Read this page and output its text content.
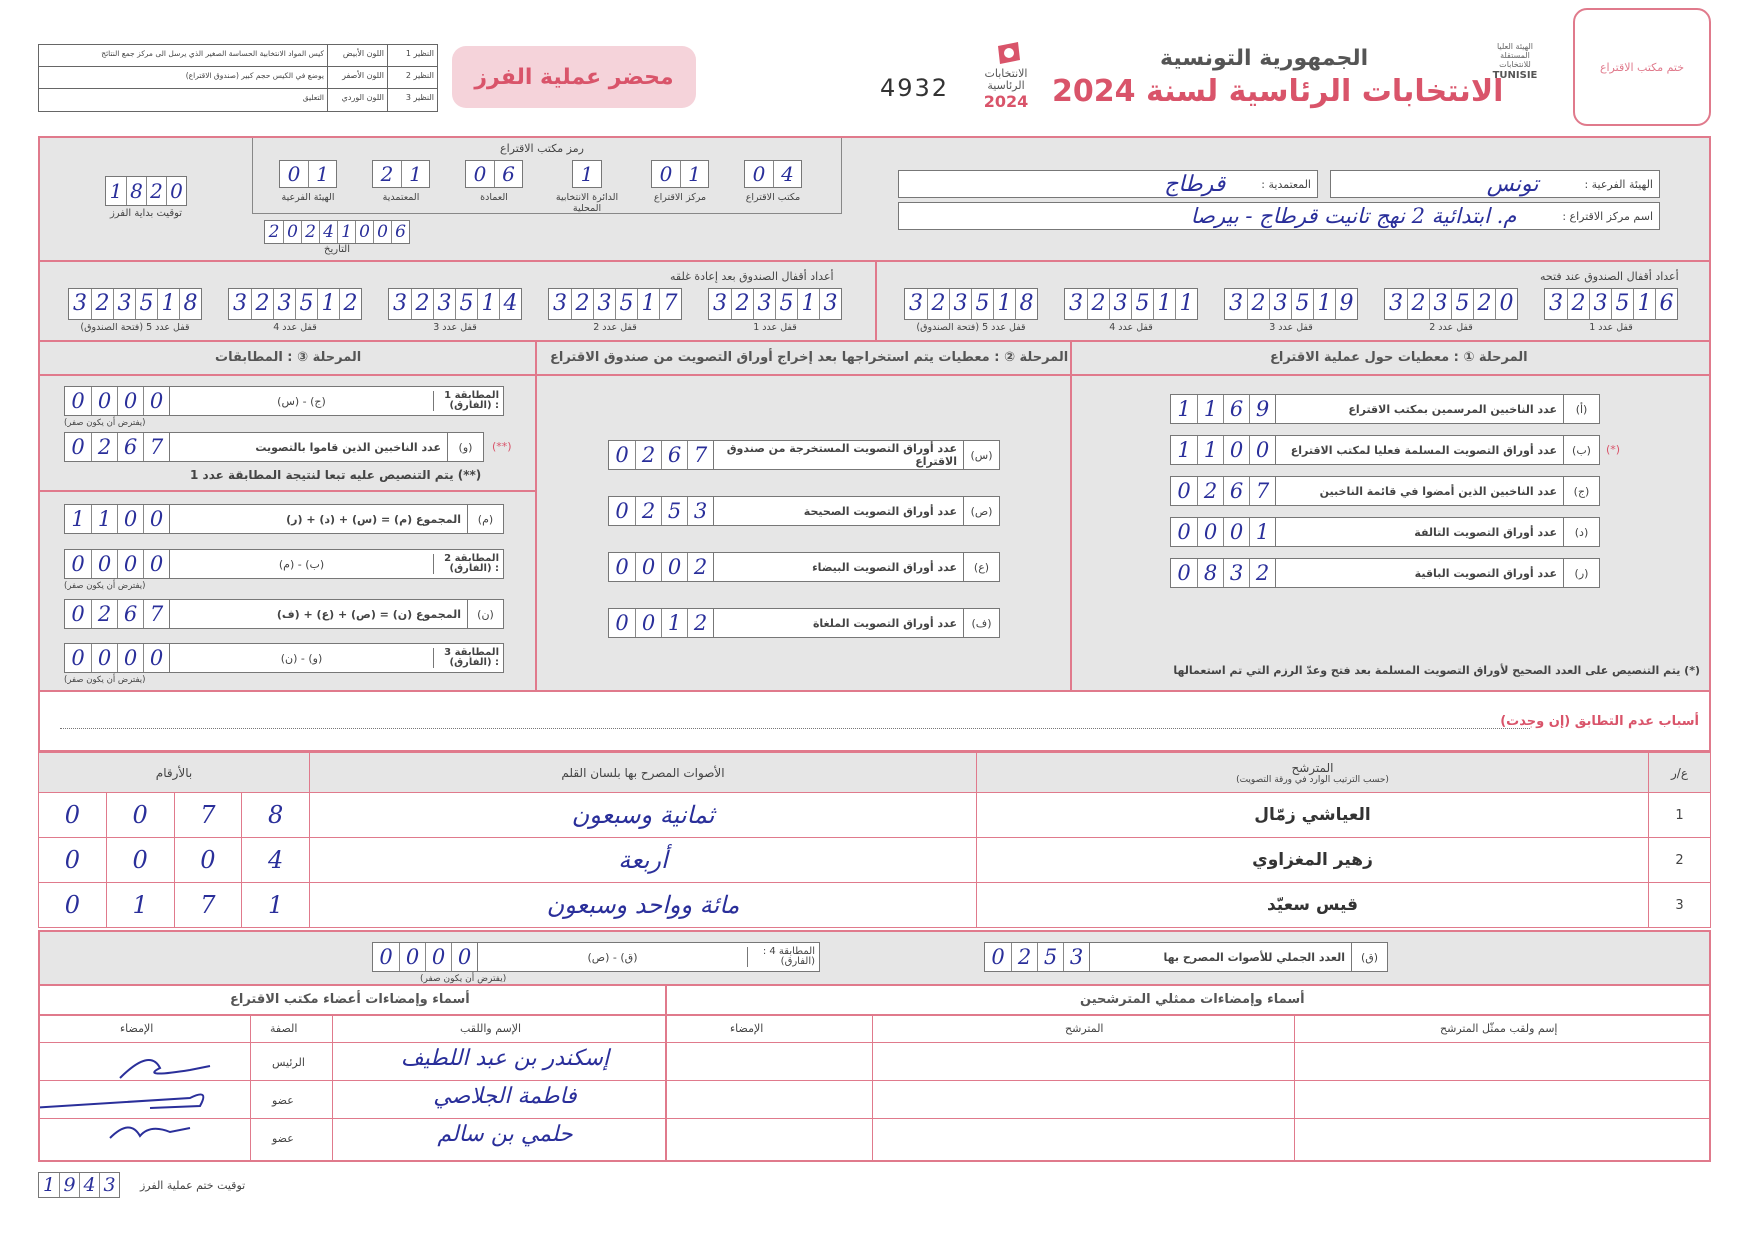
النظير 1
اللون الأبيض
كيس المواد الانتخابية الحساسة الصغير الذي يرسل الى مركز جمع النتائج
النظير 2
اللون الأصفر
يوضع في الكيس حجم كبير (صندوق الاقتراع)
النظير 3
اللون الوردي
التعليق
محضر عملية الفرز	4932
الانتخابات الرئاسية
2024
الجمهورية التونسية
الانتخابات الرئاسية لسنة 2024
الهيئة العليا المستقلة للانتخابات
TUNISIE
ختم مكتب الاقتراع
رمز مكتب الاقتراع
0 1
الهيئة الفرعية
2 1
المعتمدية
0 6
العمادة
1
الدائرة الانتخابية المحلية
0 1
مركز الاقتراع
0 4
مكتب الاقتراع
1 8 2 0
توقيت بداية الفرز
2 0 2 4 1 0 0 6
التاريخ
الهيئة الفرعية :
تونس
المعتمدية :
قرطاج
اسم مركز الاقتراع :
م. ابتدائية 2 نهج تانيت قرطاج - بيرصا
أعداد أقفال الصندوق بعد إعادة غلقه	أعداد أقفال الصندوق عند فتحه
3 2 3 5 1 8
قفل عدد 5 (فتحة الصندوق)
3 2 3 5 1 2
قفل عدد 4
3 2 3 5 1 4
قفل عدد 3
3 2 3 5 1 7
قفل عدد 2
3 2 3 5 1 3
قفل عدد 1
3 2 3 5 1 8
قفل عدد 5 (فتحة الصندوق)
3 2 3 5 1 1
قفل عدد 4
3 2 3 5 1 9
قفل عدد 3
3 2 3 5 2 0
قفل عدد 2
3 2 3 5 1 6
قفل عدد 1
المرحلة ① : معطيات حول عملية الاقتراع
(أ)
عدد الناخبين المرسمين بمكتب الاقتراع
1 1 6 9
(ب)
عدد أوراق التصويت المسلمة فعليا لمكتب الاقتراع
1 1 0 0	(*)
(ج)
عدد الناخبين الذين أمضوا في قائمة الناخبين
0 2 6 7
(د)
عدد أوراق التصويت التالفة
0 0 0 1
(ر)
عدد أوراق التصويت الباقية
0 8 3 2
(*) يتم التنصيص على العدد الصحيح لأوراق التصويت المسلمة بعد فتح وعدّ الرزم التي تم استعمالها
المرحلة ② : معطيات يتم استخراجها بعد إخراج أوراق التصويت من صندوق الاقتراع
(س)
عدد أوراق التصويت المستخرجة من صندوق الاقتراع
0 2 6 7
(ص)
عدد أوراق التصويت الصحيحة
0 2 5 3
(ع)
عدد أوراق التصويت البيضاء
0 0 0 2
(ف)
عدد أوراق التصويت الملغاة
0 0 1 2
المرحلة ③ : المطابقات
المطابقة 1 : (الفارق)
(ج) - (س)
0 0 0 0
(يفترض أن يكون صفر)
(و)
عدد الناخبين الذين قاموا بالتصويت
0 2 6 7	(**)
(**) يتم التنصيص عليه تبعا لنتيجة المطابقة عدد 1
(م)
المجموع (م) = (س) + (د) + (ر)
1 1 0 0
المطابقة 2 : (الفارق)
(ب) - (م)
0 0 0 0
(يفترض أن يكون صفر)
(ن)
المجموع (ن) = (ص) + (ع) + (ف)
0 2 6 7
المطابقة 3 : (الفارق)
(و) - (ن)
0 0 0 0
(يفترض أن يكون صفر)
أسباب عدم التطابق (إن وجدت)
ع/ر	المترشح
(حسب الترتيب الوارد في ورقة التصويت)	الأصوات المصرح بها بلسان القلم	بالأرقام
1	العياشي زمّال	ثمانية وسبعون	0 0 7 8

2	زهير المغزاوي	أربعة	0 0 0 4

3	قيس سعيّد	مائة وواحد وسبعون	0 1 7 1
(ق)
العدد الجملي للأصوات المصرح بها
0 2 5 3
المطابقة 4 : (الفارق)
(ص) - (ق)
0 0 0 0
(يفترض أن يكون صفر)
أسماء وإمضاءات أعضاء مكتب الاقتراع	أسماء وإمضاءات ممثلي المترشحين
الإمضاء	الصفة	الإسم واللقب	الإمضاء	المترشح	إسم ولقب ممثّل المترشح
الرئيس	إسكندر بن عبد اللطيف
عضو	فاطمة الجلاصي
عضو	حلمي بن سالم
1 9 4 3	توقيت ختم عملية الفرز
